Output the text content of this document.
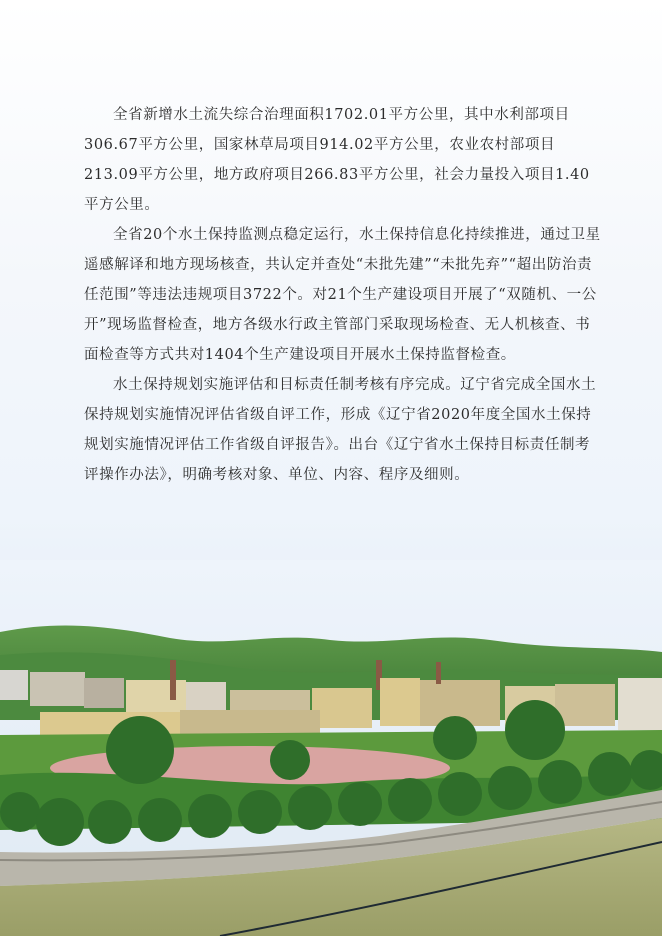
全省新增水土流失综合治理面积1702.01平方公里，其中水利部项目306.67平方公里，国家林草局项目914.02平方公里，农业农村部项目213.09平方公里，地方政府项目266.83平方公里，社会力量投入项目1.40平方公里。

全省20个水土保持监测点稳定运行，水土保持信息化持续推进，通过卫星遥感解译和地方现场核查，共认定并查处“未批先建”“未批先弃”“超出防治责任范围”等违法违规项目3722个。对21个生产建设项目开展了“双随机、一公开”现场监督检查，地方各级水行政主管部门采取现场检查、无人机核查、书面检查等方式共对1404个生产建设项目开展水土保持监督检查。

水土保持规划实施评估和目标责任制考核有序完成。辽宁省完成全国水土保持规划实施情况评估省级自评工作，形成《辽宁省2020年度全国水土保持规划实施情况评估工作省级自评报告》。出台《辽宁省水土保持目标责任制考评操作办法》，明确考核对象、单位、内容、程序及细则。
